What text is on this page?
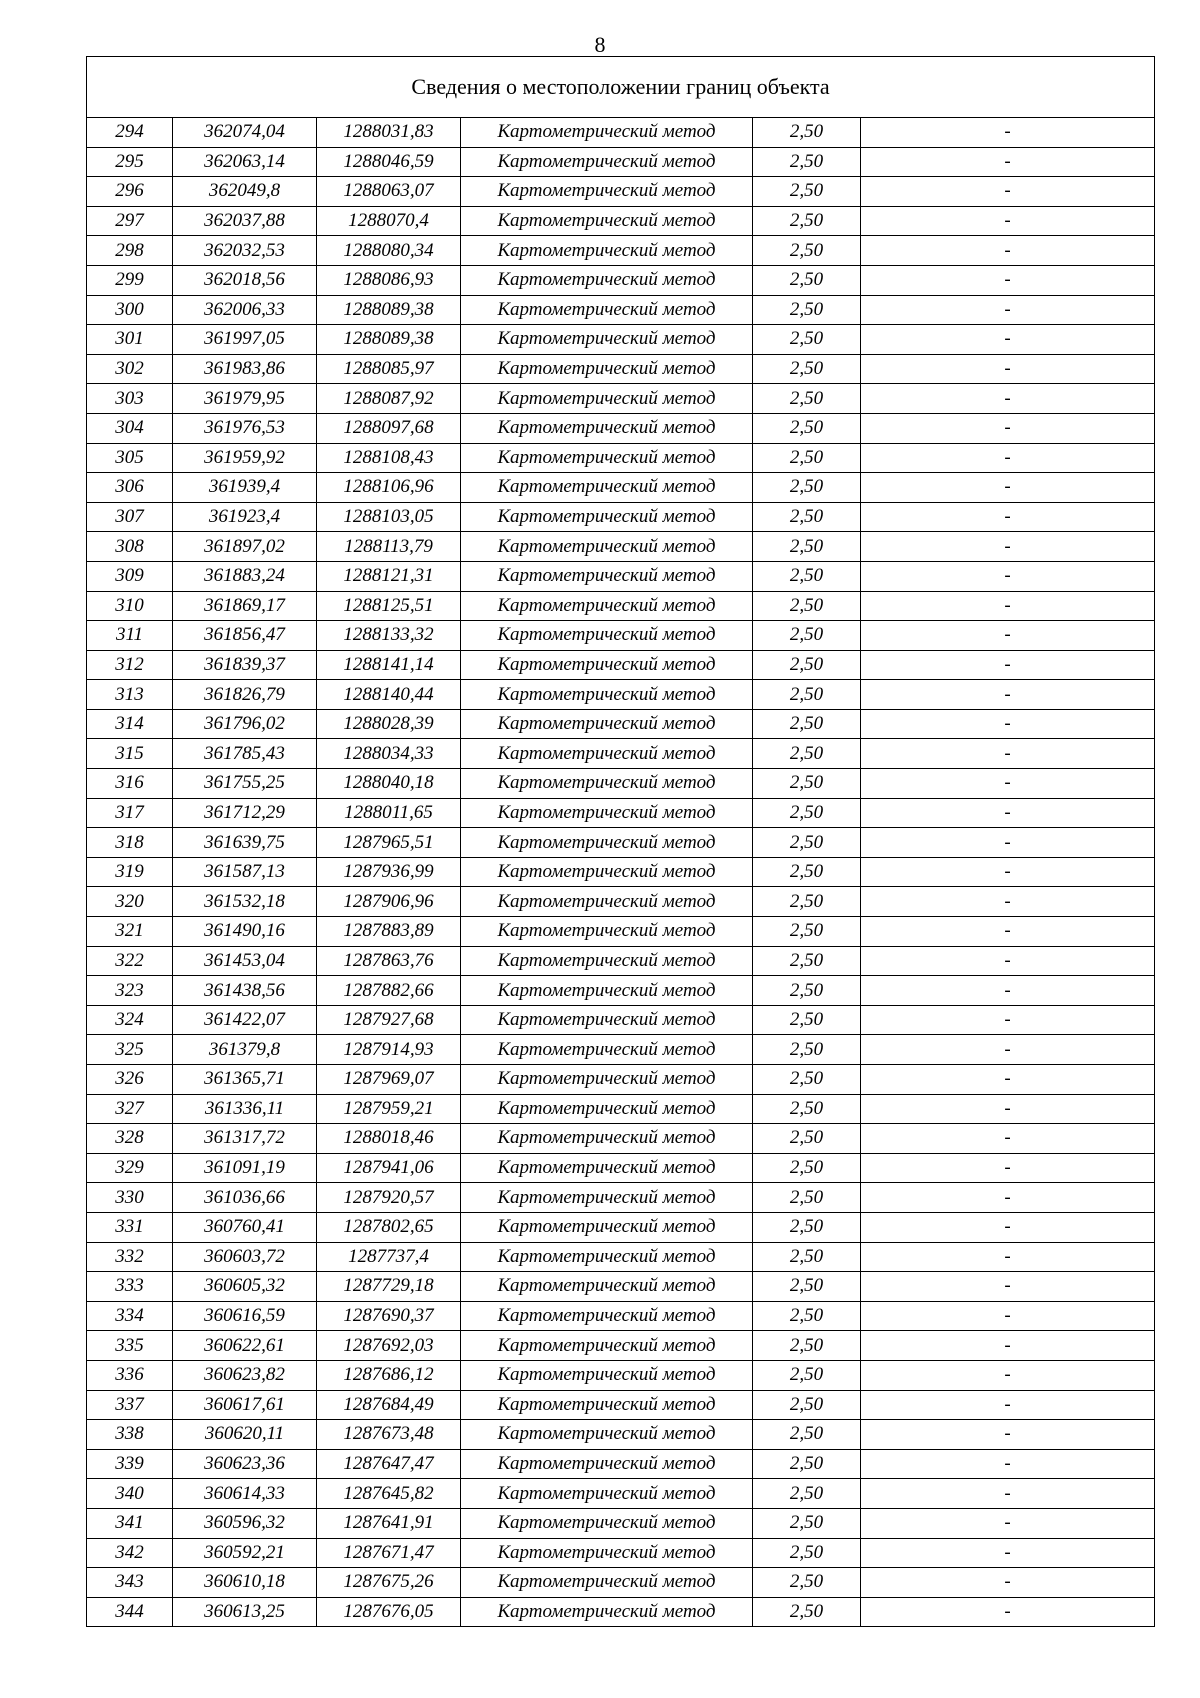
8
Сведения о местоположении границ объекта					
294	362074,04	1288031,83	Картометрический метод	2,50	-
295	362063,14	1288046,59	Картометрический метод	2,50	-
296	362049,8	1288063,07	Картометрический метод	2,50	-
297	362037,88	1288070,4	Картометрический метод	2,50	-
298	362032,53	1288080,34	Картометрический метод	2,50	-
299	362018,56	1288086,93	Картометрический метод	2,50	-
300	362006,33	1288089,38	Картометрический метод	2,50	-
301	361997,05	1288089,38	Картометрический метод	2,50	-
302	361983,86	1288085,97	Картометрический метод	2,50	-
303	361979,95	1288087,92	Картометрический метод	2,50	-
304	361976,53	1288097,68	Картометрический метод	2,50	-
305	361959,92	1288108,43	Картометрический метод	2,50	-
306	361939,4	1288106,96	Картометрический метод	2,50	-
307	361923,4	1288103,05	Картометрический метод	2,50	-
308	361897,02	1288113,79	Картометрический метод	2,50	-
309	361883,24	1288121,31	Картометрический метод	2,50	-
310	361869,17	1288125,51	Картометрический метод	2,50	-
311	361856,47	1288133,32	Картометрический метод	2,50	-
312	361839,37	1288141,14	Картометрический метод	2,50	-
313	361826,79	1288140,44	Картометрический метод	2,50	-
314	361796,02	1288028,39	Картометрический метод	2,50	-
315	361785,43	1288034,33	Картометрический метод	2,50	-
316	361755,25	1288040,18	Картометрический метод	2,50	-
317	361712,29	1288011,65	Картометрический метод	2,50	-
318	361639,75	1287965,51	Картометрический метод	2,50	-
319	361587,13	1287936,99	Картометрический метод	2,50	-
320	361532,18	1287906,96	Картометрический метод	2,50	-
321	361490,16	1287883,89	Картометрический метод	2,50	-
322	361453,04	1287863,76	Картометрический метод	2,50	-
323	361438,56	1287882,66	Картометрический метод	2,50	-
324	361422,07	1287927,68	Картометрический метод	2,50	-
325	361379,8	1287914,93	Картометрический метод	2,50	-
326	361365,71	1287969,07	Картометрический метод	2,50	-
327	361336,11	1287959,21	Картометрический метод	2,50	-
328	361317,72	1288018,46	Картометрический метод	2,50	-
329	361091,19	1287941,06	Картометрический метод	2,50	-
330	361036,66	1287920,57	Картометрический метод	2,50	-
331	360760,41	1287802,65	Картометрический метод	2,50	-
332	360603,72	1287737,4	Картометрический метод	2,50	-
333	360605,32	1287729,18	Картометрический метод	2,50	-
334	360616,59	1287690,37	Картометрический метод	2,50	-
335	360622,61	1287692,03	Картометрический метод	2,50	-
336	360623,82	1287686,12	Картометрический метод	2,50	-
337	360617,61	1287684,49	Картометрический метод	2,50	-
338	360620,11	1287673,48	Картометрический метод	2,50	-
339	360623,36	1287647,47	Картометрический метод	2,50	-
340	360614,33	1287645,82	Картометрический метод	2,50	-
341	360596,32	1287641,91	Картометрический метод	2,50	-
342	360592,21	1287671,47	Картометрический метод	2,50	-
343	360610,18	1287675,26	Картометрический метод	2,50	-
344	360613,25	1287676,05	Картометрический метод	2,50	-
